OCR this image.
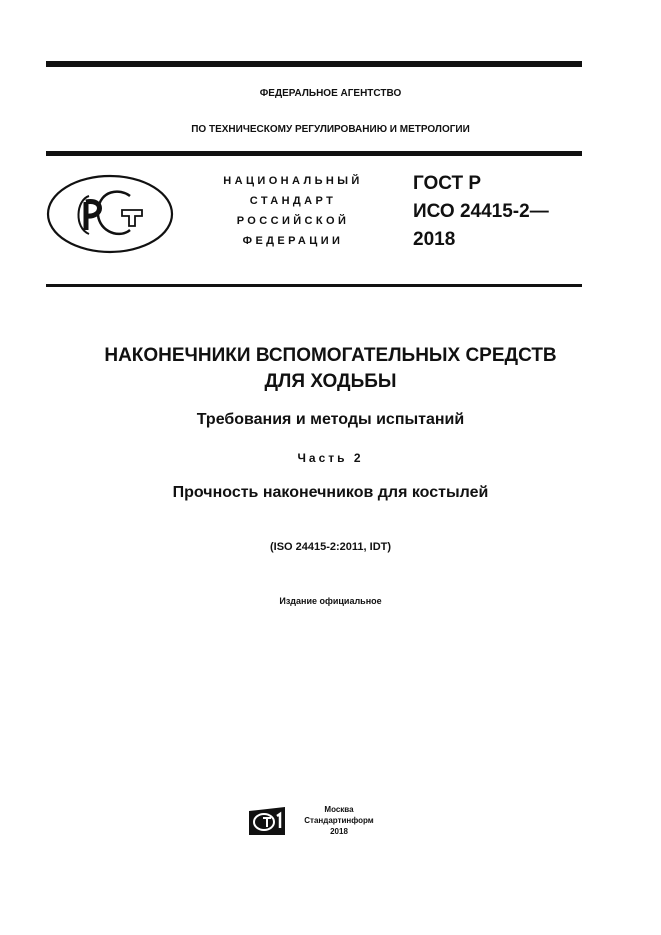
ФЕДЕРАЛЬНОЕ АГЕНТСТВО
ПО ТЕХНИЧЕСКОМУ РЕГУЛИРОВАНИЮ И МЕТРОЛОГИИ
НАЦИОНАЛЬНЫЙ
СТАНДАРТ
РОССИЙСКОЙ
ФЕДЕРАЦИИ
ГОСТ Р
ИСО 24415-2—
2018
НАКОНЕЧНИКИ ВСПОМОГАТЕЛЬНЫХ СРЕДСТВ
ДЛЯ ХОДЬБЫ
Требования и методы испытаний
Часть 2
Прочность наконечников для костылей
(ISO 24415-2:2011, IDT)
Издание официальное
Москва
Стандартинформ
2018
